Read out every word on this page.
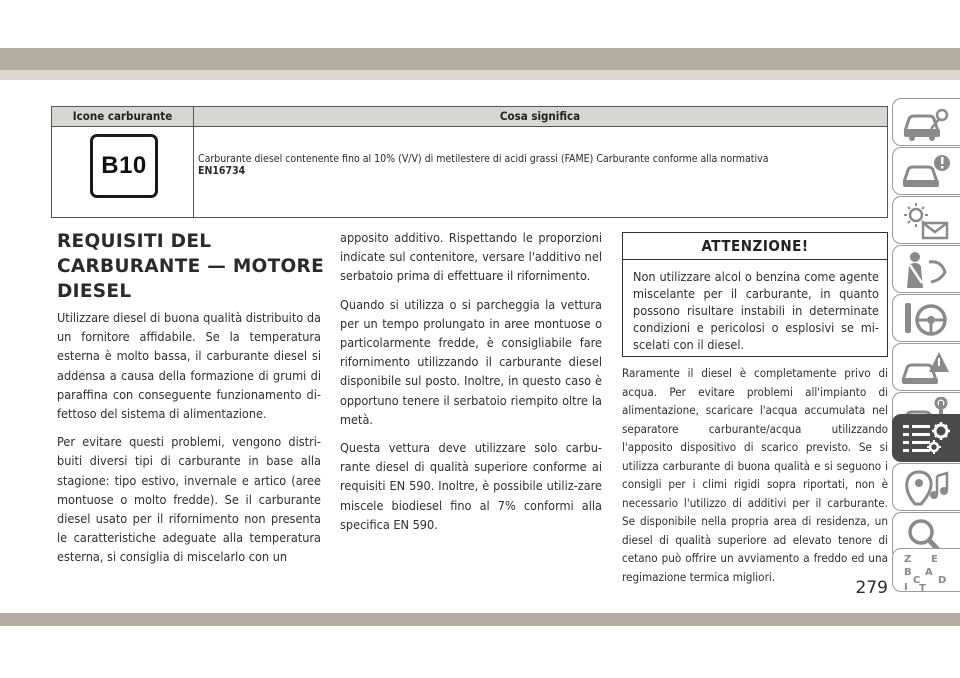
Icone carburante	Cosa significa
B10	Carburante diesel contenente fino al 10% (V/V) di metilestere di acidi grassi (FAME) Carburante conforme alla normativa
EN16734
REQUISITI DEL
CARBURANTE — MOTORE
DIESEL

Utilizzare diesel di buona qualità distribuito da un fornitore affidabile. Se la temperatura esterna è molto bassa, il carburante diesel si addensa a causa della formazione di grumi di paraffina con conseguente funzionamento di-fettoso del sistema di alimentazione.

Per evitare questi problemi, vengono distri-buiti diversi tipi di carburante in base alla stagione: tipo estivo, invernale e artico (aree montuose o molto fredde). Se il carburante diesel usato per il rifornimento non presenta le caratteristiche adeguate alla temperatura esterna, si consiglia di miscelarlo con un

apposito additivo. Rispettando le proporzioni indicate sul contenitore, versare l'additivo nel serbatoio prima di effettuare il rifornimento.

Quando si utilizza o si parcheggia la vettura per un tempo prolungato in aree montuose o particolarmente fredde, è consigliabile fare rifornimento utilizzando il carburante diesel disponibile sul posto. Inoltre, in questo caso è opportuno tenere il serbatoio riempito oltre la metà.

Questa vettura deve utilizzare solo carbu-rante diesel di qualità superiore conforme ai requisiti EN 590. Inoltre, è possibile utiliz-zare miscele biodiesel fino al 7% conformi alla specifica EN 590.

ATTENZIONE!
Non utilizzare alcol o benzina come agente miscelante per il carburante, in quanto possono risultare instabili in determinate condizioni e pericolosi o esplosivi se mi-scelati con il diesel.

Raramente il diesel è completamente privo di acqua. Per evitare problemi all'impianto di alimentazione, scaricare l'acqua accumulata nel separatore carburante/acqua utilizzando l'apposito dispositivo di scarico previsto. Se si utilizza carburante di buona qualità e si seguono i consigli per i climi rigidi sopra riportati, non è necessario l'utilizzo di additivi per il carburante. Se disponibile nella propria area di residenza, un diesel di qualità superiore ad elevato tenore di cetano può offrire un avviamento a freddo ed una regimazione termica migliori.

279
Z E
B A
D
C
I T
